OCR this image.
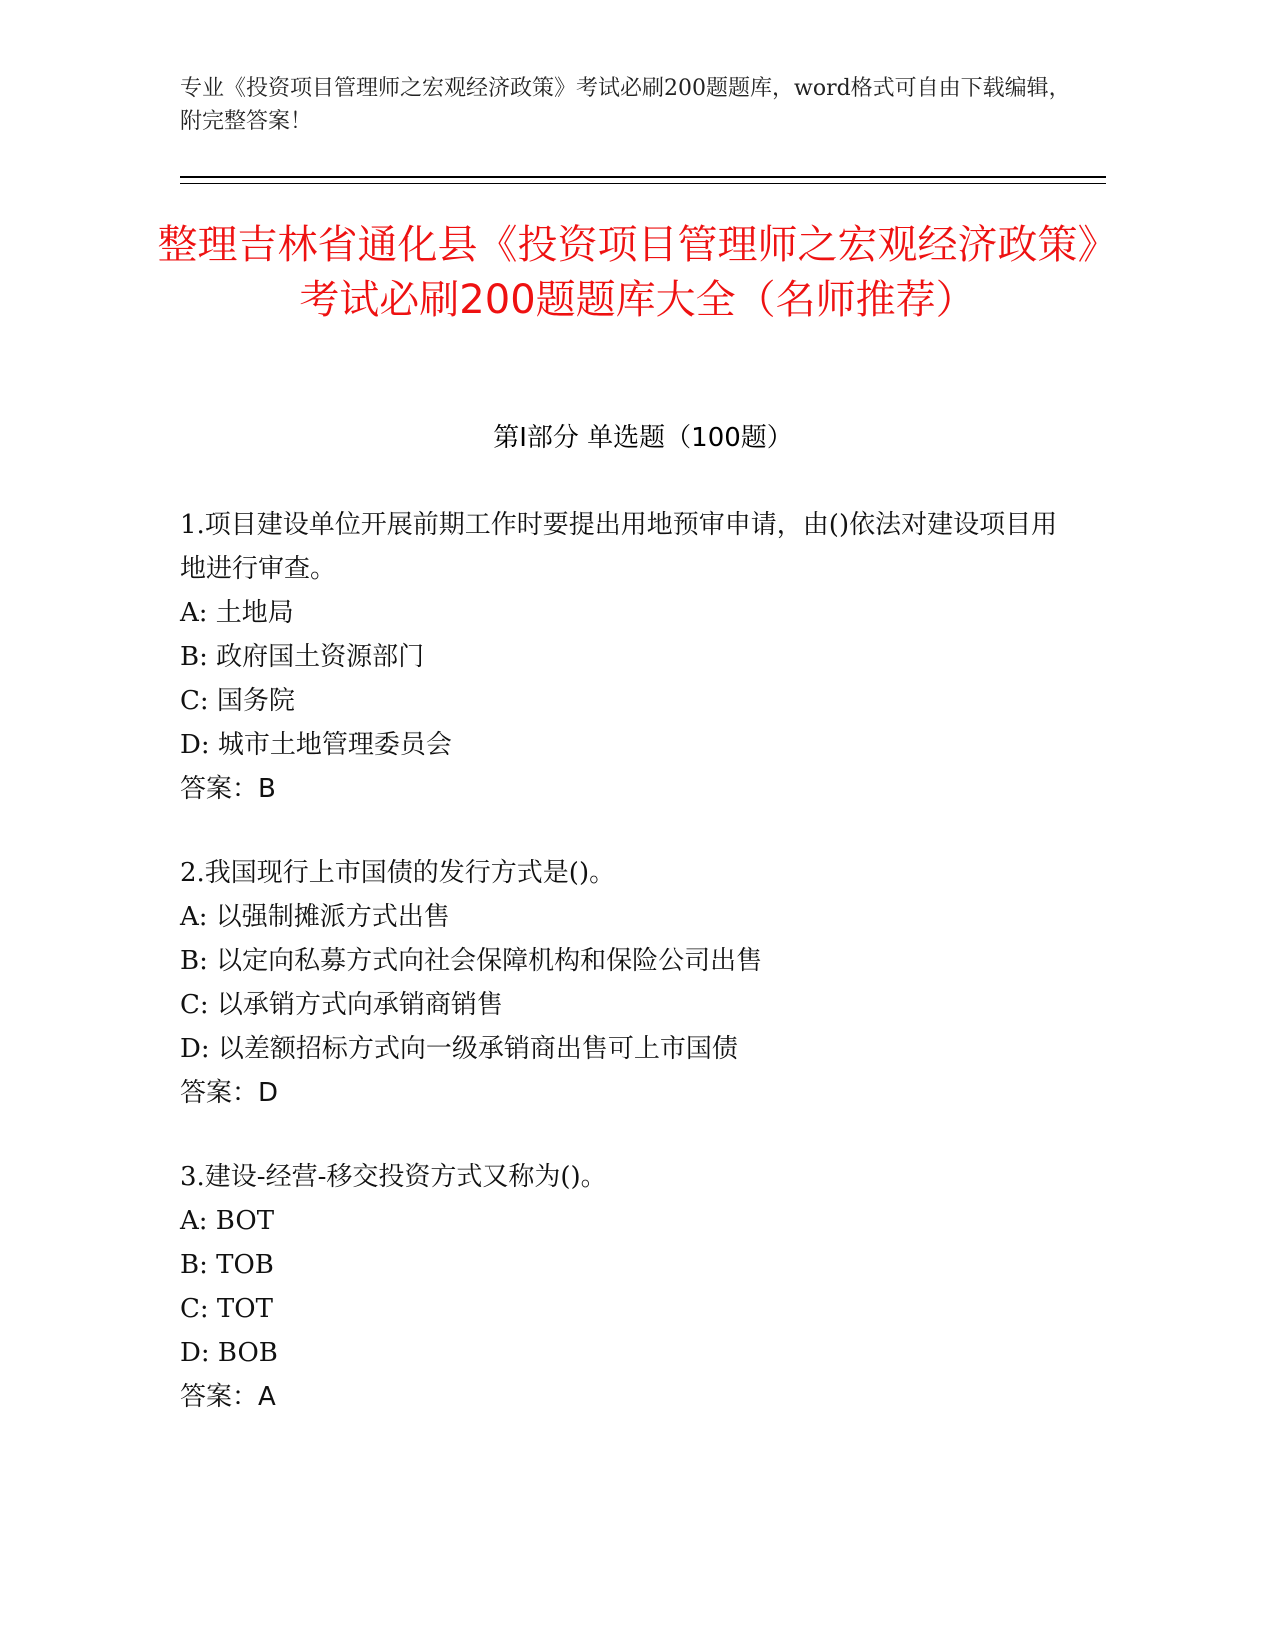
专业《投资项目管理师之宏观经济政策》考试必刷200题题库，word格式可自由下载编辑，附完整答案！
整理吉林省通化县《投资项目管理师之宏观经济政策》考试必刷200题题库大全（名师推荐）
第I部分 单选题（100题）
1.项目建设单位开展前期工作时要提出用地预审申请，由()依法对建设项目用地进行审查。
A: 土地局
B: 政府国土资源部门
C: 国务院
D: 城市土地管理委员会
答案：B
2.我国现行上市国债的发行方式是()。
A: 以强制摊派方式出售
B: 以定向私募方式向社会保障机构和保险公司出售
C: 以承销方式向承销商销售
D: 以差额招标方式向一级承销商出售可上市国债
答案：D
3.建设-经营-移交投资方式又称为()。
A: BOT
B: TOB
C: TOT
D: BOB
答案：A
